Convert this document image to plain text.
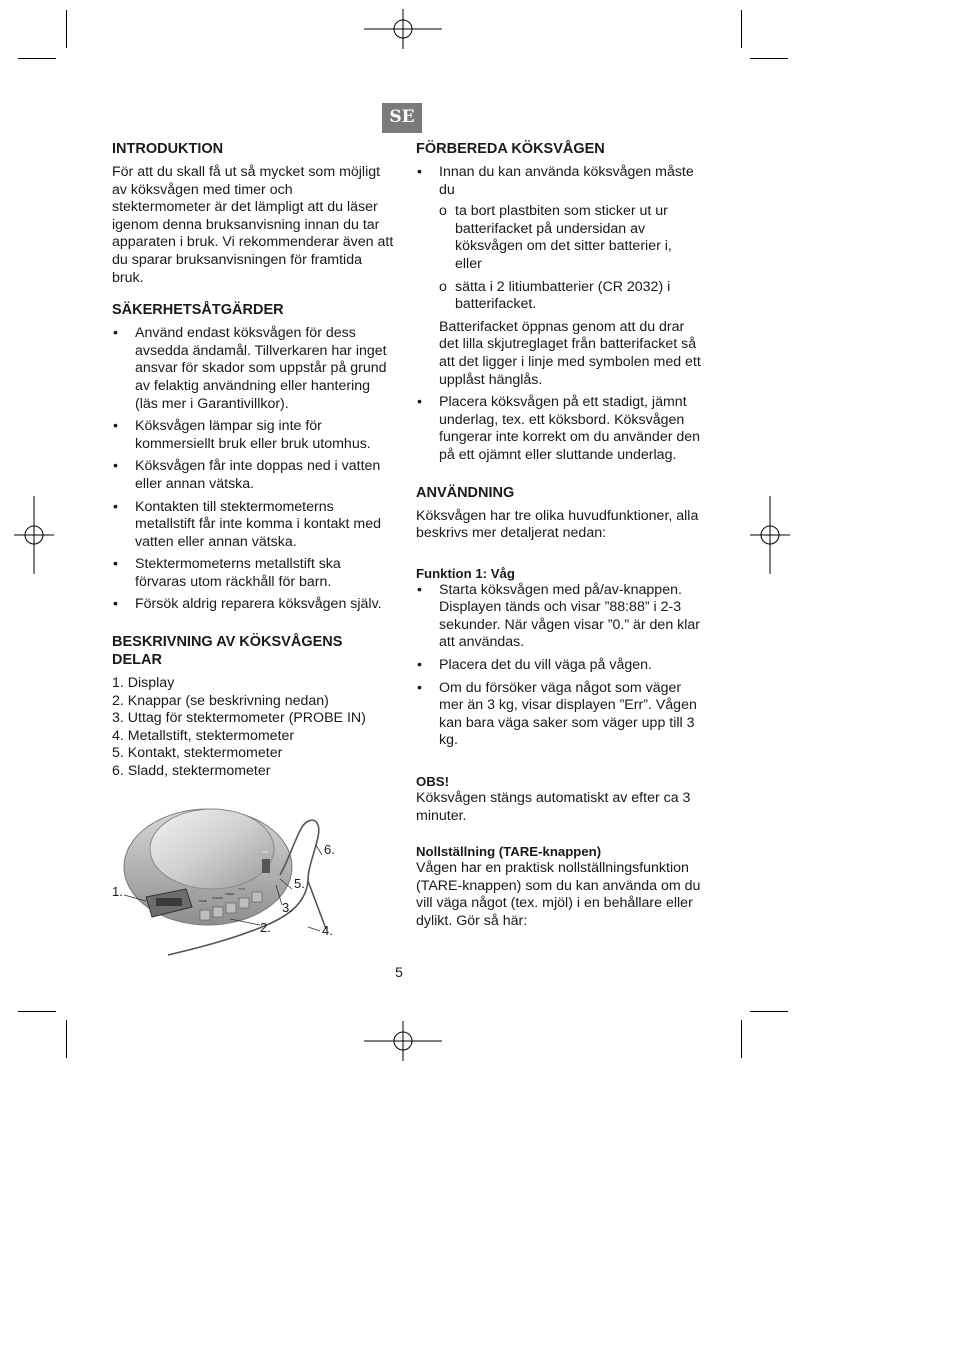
SE
INTRODUKTION

För att du skall få ut så mycket som möjligt av köksvågen med timer och stektermometer är det lämpligt att du läser igenom denna bruksanvisning innan du tar apparaten i bruk. Vi rekommenderar även att du sparar bruksanvisningen för framtida bruk.

SÄKERHETSÅTGÄRDER
• Använd endast köksvågen för dess avsedda ändamål. Tillverkaren har inget ansvar för skador som uppstår på grund av felaktig användning eller hantering (läs mer i Garantivillkor).
• Köksvågen lämpar sig inte för kommersiellt bruk eller bruk utomhus.
• Köksvågen får inte doppas ned i vatten eller annan vätska.
• Kontakten till stektermometerns metallstift får inte komma i kontakt med vatten eller annan vätska.
• Stektermometerns metallstift ska förvaras utom räckhåll för barn.
• Försök aldrig reparera köksvågen själv.
BESKRIVNING AV KÖKSVÅGENS DELAR
1. Display
2. Knappar (se beskrivning nedan)
3. Uttag för stektermometer (PROBE IN)
4. Metallstift, stektermometer
5. Kontakt, stektermometer
6. Sladd, stektermometer
1.
2.
3.
4.
5.
6.
TARE
ON/OFF
TIMER
°C/°F
LCD
FÖRBEREDA KÖKSVÅGEN
• Innan du kan använda köksvågen måste du
o ta bort plastbiten som sticker ut ur batterifacket på undersidan av köksvågen om det sitter batterier i, eller
o sätta i 2 litiumbatterier (CR 2032) i batterifacket.

Batterifacket öppnas genom att du drar det lilla skjutreglaget från batterifacket så att det ligger i linje med symbolen med ett upplåst hänglås.

• Placera köksvågen på ett stadigt, jämnt underlag, tex. ett köksbord. Köksvågen fungerar inte korrekt om du använder den på ett ojämnt eller sluttande underlag.
ANVÄNDNING

Köksvågen har tre olika huvudfunktioner, alla beskrivs mer detaljerat nedan:

Funktion 1: Våg
• Starta köksvågen med på/av-knappen. Displayen tänds och visar ”88:88” i 2-3 sekunder. När vågen visar ”0.” är den klar att användas.
• Placera det du vill väga på vågen.
• Om du försöker väga något som väger mer än 3 kg, visar displayen ”Err”. Vågen kan bara väga saker som väger upp till 3 kg.
OBS!

Köksvågen stängs automatiskt av efter ca 3 minuter.

Nollställning (TARE-knappen)

Vågen har en praktisk nollställningsfunktion (TARE-knappen) som du kan använda om du vill väga något (tex. mjöl) i en behållare eller dylikt. Gör så här:

5
